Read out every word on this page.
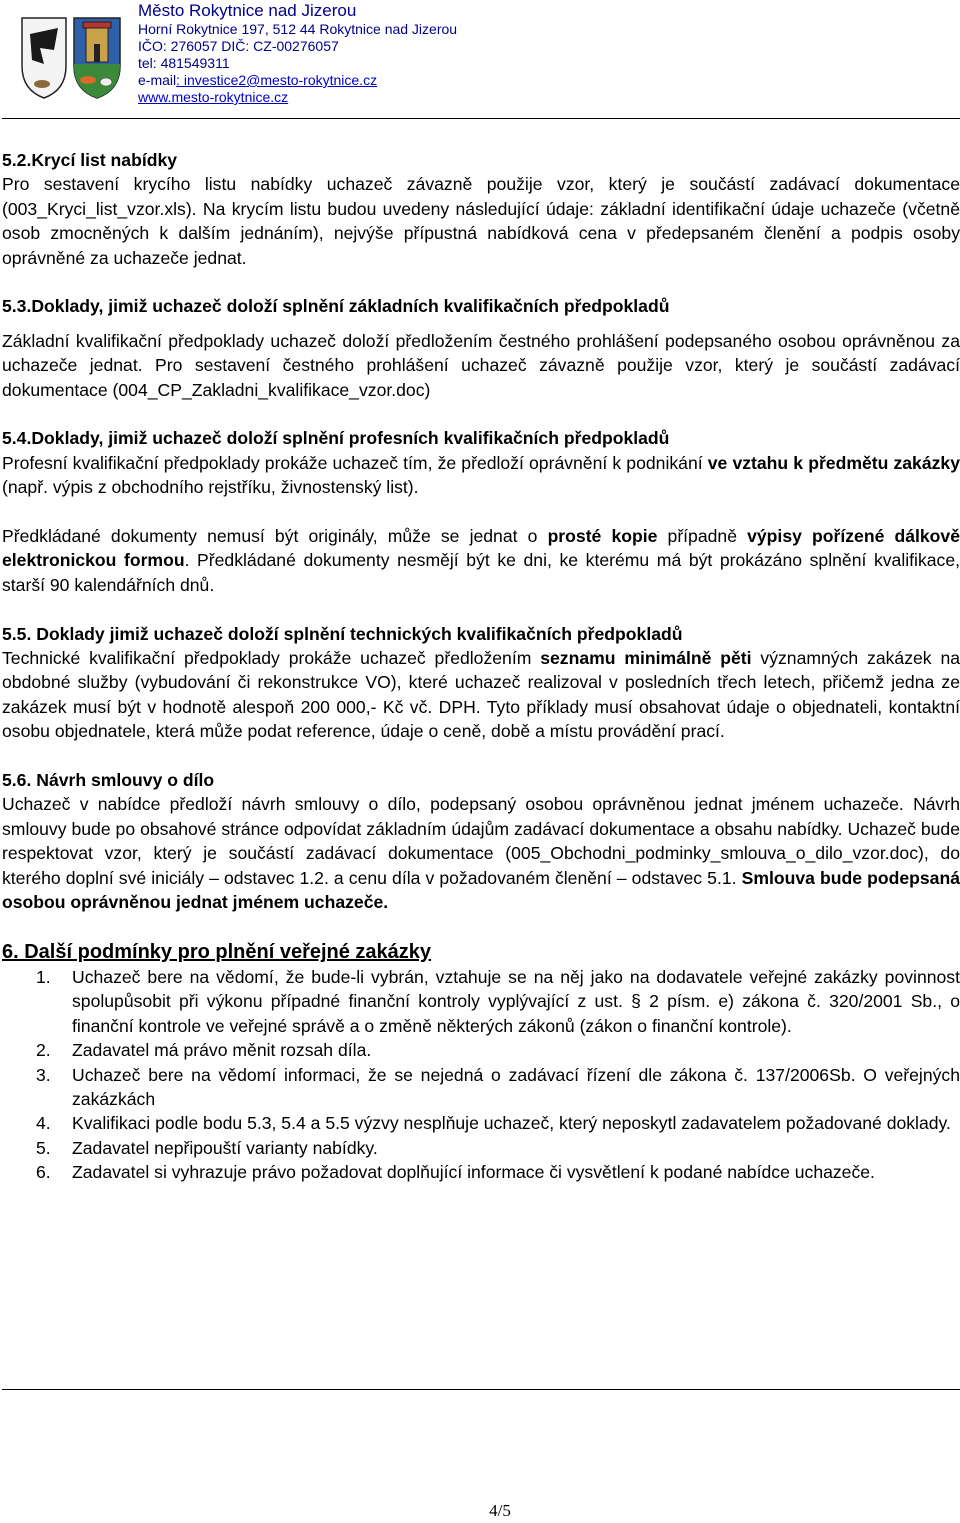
Město Rokytnice nad Jizerou
Horní Rokytnice 197, 512 44 Rokytnice nad Jizerou
IČO: 276057 DIČ: CZ-00276057
tel: 481549311
e-mail: investice2@mesto-rokytnice.cz
www.mesto-rokytnice.cz

5.2.Krycí list nabídky

Pro sestavení krycího listu nabídky uchazeč závazně použije vzor, který je součástí zadávací dokumentace (003_Kryci_list_vzor.xls). Na krycím listu budou uvedeny následující údaje: základní identifikační údaje uchazeče (včetně osob zmocněných k dalším jednáním), nejvýše přípustná nabídková cena v předepsaném členění a podpis osoby oprávněné za uchazeče jednat.

5.3.Doklady, jimiž uchazeč doloží splnění základních kvalifikačních předpokladů

Základní kvalifikační předpoklady uchazeč doloží předložením čestného prohlášení podepsaného osobou oprávněnou za uchazeče jednat. Pro sestavení čestného prohlášení uchazeč závazně použije vzor, který je součástí zadávací dokumentace (004_CP_Zakladni_kvalifikace_vzor.doc)

5.4.Doklady, jimiž uchazeč doloží splnění profesních kvalifikačních předpokladů

Profesní kvalifikační předpoklady prokáže uchazeč tím, že předloží oprávnění k podnikání ve vztahu k předmětu zakázky (např. výpis z obchodního rejstříku, živnostenský list).

Předkládané dokumenty nemusí být originály, může se jednat o prosté kopie případně výpisy pořízené dálkově elektronickou formou. Předkládané dokumenty nesmějí být ke dni, ke kterému má být prokázáno splnění kvalifikace, starší 90 kalendářních dnů.

5.5. Doklady jimiž uchazeč doloží splnění technických kvalifikačních předpokladů

Technické kvalifikační předpoklady prokáže uchazeč předložením seznamu minimálně pěti významných zakázek na obdobné služby (vybudování či rekonstrukce VO), které uchazeč realizoval v posledních třech letech, přičemž jedna ze zakázek musí být v hodnotě alespoň 200 000,- Kč vč. DPH. Tyto příklady musí obsahovat údaje o objednateli, kontaktní osobu objednatele, která může podat reference, údaje o ceně, době a místu provádění prací.

5.6. Návrh smlouvy o dílo

Uchazeč v nabídce předloží návrh smlouvy o dílo, podepsaný osobou oprávněnou jednat jménem uchazeče. Návrh smlouvy bude po obsahové stránce odpovídat základním údajům zadávací dokumentace a obsahu nabídky. Uchazeč bude respektovat vzor, který je součástí zadávací dokumentace (005_Obchodni_podminky_smlouva_o_dilo_vzor.doc), do kterého doplní své iniciály – odstavec 1.2. a cenu díla v požadovaném členění – odstavec 5.1. Smlouva bude podepsaná osobou oprávněnou jednat jménem uchazeče.

6. Další podmínky pro plnění veřejné zakázky

1. Uchazeč bere na vědomí, že bude-li vybrán, vztahuje se na něj jako na dodavatele veřejné zakázky povinnost spolupůsobit při výkonu případné finanční kontroly vyplývající z ust. § 2 písm. e) zákona č. 320/2001 Sb., o finanční kontrole ve veřejné správě a o změně některých zákonů (zákon o finanční kontrole).
2. Zadavatel má právo měnit rozsah díla.
3. Uchazeč bere na vědomí informaci, že se nejedná o zadávací řízení dle zákona č. 137/2006Sb. O veřejných zakázkách
4. Kvalifikaci podle bodu 5.3, 5.4 a 5.5 výzvy nesplňuje uchazeč, který neposkytl zadavatelem požadované doklady.
5. Zadavatel nepřipouští varianty nabídky.
6. Zadavatel si vyhrazuje právo požadovat doplňující informace či vysvětlení k podané nabídce uchazeče.
4/5
